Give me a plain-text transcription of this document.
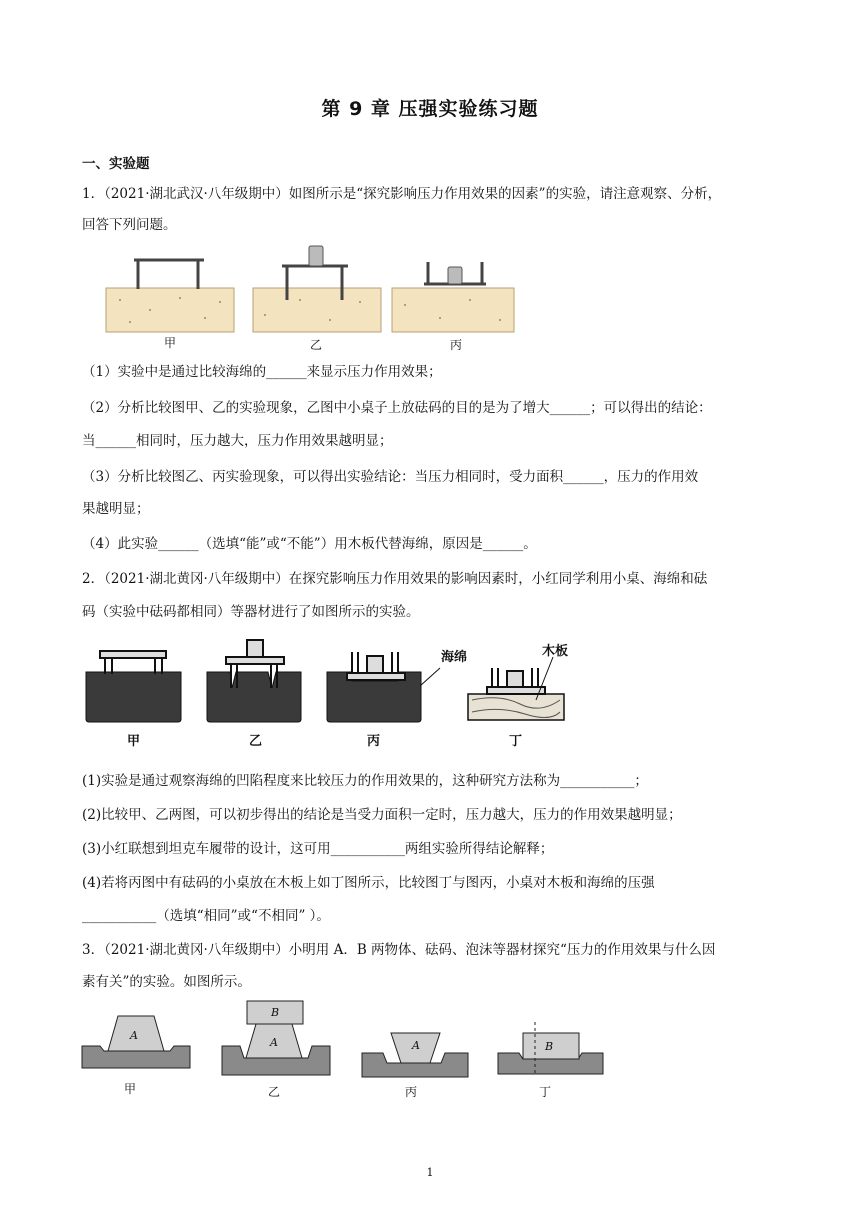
第 9 章 压强实验练习题
一、实验题
1．（2021·湖北武汉·八年级期中）如图所示是“探究影响压力作用效果的因素”的实验，请注意观察、分析，
回答下列问题。
甲	乙	丙
（1）实验中是通过比较海绵的______来显示压力作用效果；
（2）分析比较图甲、乙的实验现象，乙图中小桌子上放砝码的目的是为了增大______；可以得出的结论：
当______相同时，压力越大，压力作用效果越明显；
（3）分析比较图乙、丙实验现象，可以得出实验结论：当压力相同时，受力面积______，压力的作用效
果越明显；
（4）此实验______（选填“能”或“不能”）用木板代替海绵，原因是______。
2．（2021·湖北黄冈·八年级期中）在探究影响压力作用效果的影响因素时，小红同学利用小桌、海绵和砝
码（实验中砝码都相同）等器材进行了如图所示的实验。
海绵	木板
甲	乙	丙	丁
(1)实验是通过观察海绵的凹陷程度来比较压力的作用效果的，这种研究方法称为___________；
(2)比较甲、乙两图，可以初步得出的结论是当受力面积一定时，压力越大，压力的作用效果越明显；
(3)小红联想到坦克车履带的设计，这可用___________两组实验所得结论解释；
(4)若将丙图中有砝码的小桌放在木板上如丁图所示，比较图丁与图丙，小桌对木板和海绵的压强
___________（选填“相同”或“不相同” ）。
3．（2021·湖北黄冈·八年级期中）小明用 A．B 两物体、砝码、泡沫等器材探究“压力的作用效果与什么因
素有关”的实验。如图所示。
A
B
A	A	B
甲	乙	丙	丁
1
